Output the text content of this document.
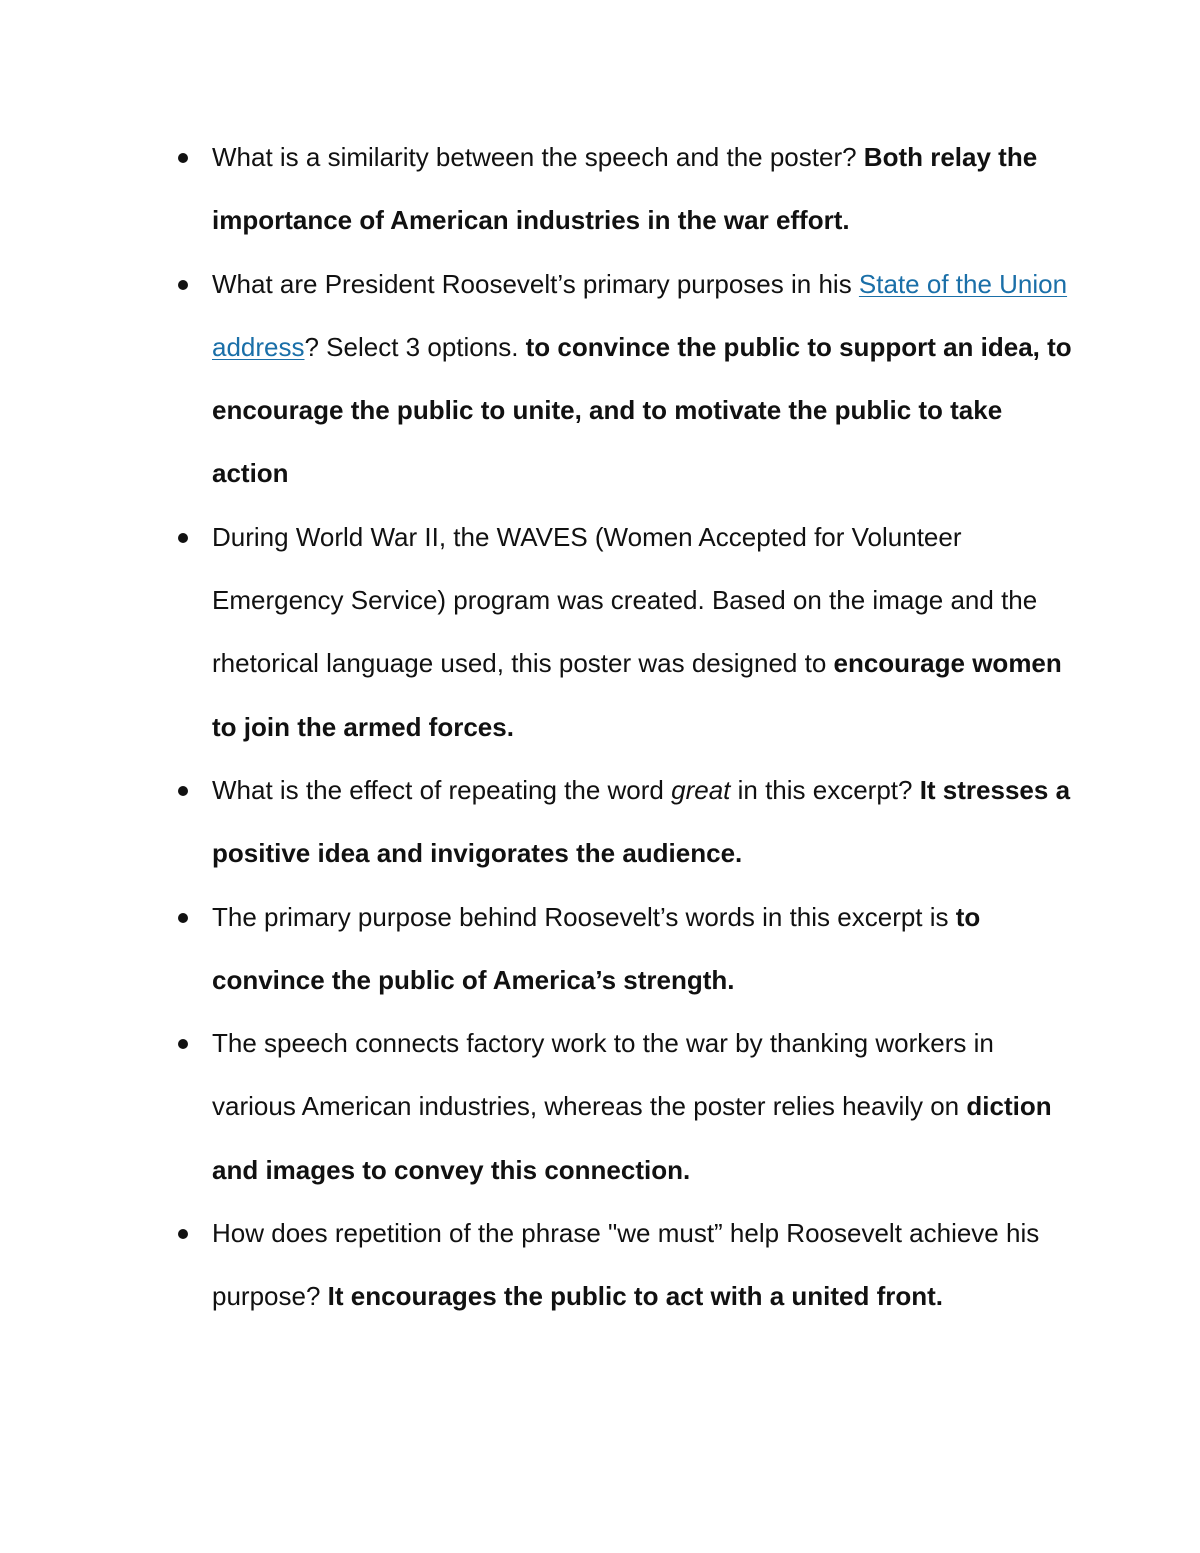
What is a similarity between the speech and the poster? Both relay the importance of American industries in the war effort.
What are President Roosevelt’s primary purposes in his State of the Union address? Select 3 options. to convince the public to support an idea, to encourage the public to unite, and to motivate the public to take action
During World War II, the WAVES (Women Accepted for Volunteer Emergency Service) program was created. Based on the image and the rhetorical language used, this poster was designed to encourage women to join the armed forces.
What is the effect of repeating the word great in this excerpt? It stresses a positive idea and invigorates the audience.
The primary purpose behind Roosevelt’s words in this excerpt is to convince the public of America’s strength.
The speech connects factory work to the war by thanking workers in various American industries, whereas the poster relies heavily on diction and images to convey this connection.
How does repetition of the phrase "we must” help Roosevelt achieve his purpose? It encourages the public to act with a united front.
